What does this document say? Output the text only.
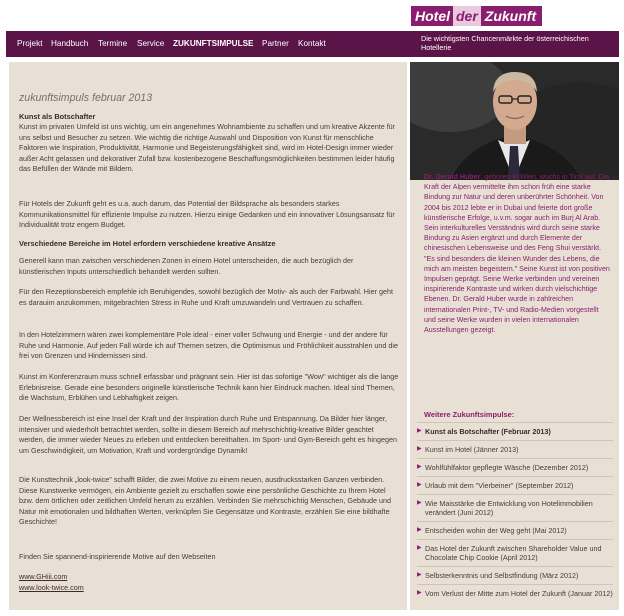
Hotel der Zukunft
Projekt Handbuch Termine Service ZUKUNFTSIMPULSE Partner Kontakt
Die wichtigsten Chancenmärkte der österreichischen Hotellerie
zukunftsimpuls februar 2013
Kunst als Botschafter
Kunst im privaten Umfeld ist uns wichtig, um ein angenehmes Wohnambiente zu schaffen und um kreative Akzente für uns selbst und Besucher zu setzen. Wie wichtig die richtige Auswahl und Disposition von Kunst für menschliche Faktoren wie Inspiration, Produktivität, Harmonie und Begeisterungsfähigkeit sind, wird im Hotel-Design immer wieder außer Acht gelassen und dekorativer Zufall bzw. kostenbezogene Beschaffungsmöglichkeiten bestimmen leider häufig das Befüllen der Wände mit Bildern.
Für Hotels der Zukunft geht es u.a. auch darum, das Potential der Bildsprache als besonders starkes Kommunikationsmittel für effiziente Impulse zu nutzen. Hierzu einige Gedanken und ein innovativer Lösungsansatz für Individualität trotz engem Budget.
Verschiedene Bereiche im Hotel erfordern verschiedene kreative Ansätze
Generell kann man zwischen verschiedenen Zonen in einem Hotel unterscheiden, die auch bezüglich der künstlerischen Inputs unterschiedlich behandelt werden sollten.
Für den Rezeptionsbereich empfehle ich Beruhigendes, sowohl bezüglich der Motiv- als auch der Farbwahl. Hier geht es darauim anzukommen, mitgebrachten Stress in Ruhe und Kraft umzuwandeln und Vertrauen zu schaffen.
In den Hotelzimmern wären zwei komplementäre Pole ideal - einer voller Schwung und Energie - und der andere für Ruhe und Harmonie. Auf jeden Fall würde ich auf Themen setzen, die Optimismus und Fröhlichkeit ausstrahlen und die frei von Grenzen und Hindernissen sind.
Kunst im Konferenzraum muss schnell erfassbar und prägnant sein. Hier ist das sofortige "Wow" wichtiger als die lange Erlebnisreise. Gerade eine besonders originelle künstlerische Technik kann hier Eindruck machen. Ideal sind Themen, die Wachstum, Erblühen und Lebhaftigkeit zeigen.
Der Wellnessbereich ist eine Insel der Kraft und der Inspiration durch Ruhe und Entspannung. Da Bilder hier länger, intensiver und wiederholt betrachtet werden, sollte in diesem Bereich auf mehrschichtig-kreative Bilder geachtet werden, die immer wieder Neues zu erleben und entdecken bereithalten. Im Sport- und Gym-Bereich geht es hingegen um Geschwindigkeit, um Motivation, Kraft und vordergründige Dynamik!
Die Kunsttechnik „look-twice" schafft Bilder, die zwei Motive zu einem neuen, ausdrucksstarken Ganzen verbinden. Diese Kunstwerke vermögen, ein Ambiente gezielt zu erschaffen sowie eine persönliche Geschichte zu Ihrem Hotel bzw. dem örtlichen oder zeitlichen Umfeld herum zu erzählen. Verbinden Sie mehrschichtig Menschen, Gebäude und Natur mit emotionalen und bildhaften Werten, verknüpfen Sie Gegensätze und Kontraste, erzählen Sie eine bildhafte Geschichte!
Finden Sie spannend-inspirierende Motive auf den Webseiten
www.GHiii.com
www.look-twice.com
Dr. Gerald Huber, geboren in Wien, wuchs in Tirol auf. Die Kraft der Alpen vermittelte ihm schon früh eine starke Bindung zur Natur und deren unberührter Schönheit. Von 2004 bis 2012 lebte er in Dubai und feierte dort große künstlerische Erfolge, u.v.m. sogar auch im Burj Al Arab. Sein interkulturelles Verständnis wird durch seine starke Bindung zu Asien ergänzt und durch Elemente der chinesischen Lebensweise und des Feng Shui verstärkt. "Es sind besonders die kleinen Wunder des Lebens, die mich am meisten begeistern." Seine Kunst ist von positiven Impulsen geprägt. Seine Werke verbinden und vereinen inspirierende Kontraste und wirken durch vielschichtige Ebenen. Dr. Gerald Huber wurde in zahlreichen internationalen Print-, TV- und Radio-Medien vorgestellt und seine Werke wurden in vielen internationalen Ausstellungen gezeigt.
Weitere Zukunftsimpulse:
▶ Kunst als Botschafter (Februar 2013)
▶ Kunst im Hotel (Jänner 2013)
▶ Wohlfühlfaktor gepflegte Wäsche (Dezember 2012)
▶ Urlaub mit dem "Vierbeiner" (September 2012)
▶ Wie Maisstärke die Entwicklung von Hotelimmobilien verändert (Juni 2012)
▶ Entscheiden wohin der Weg geht (Mai 2012)
▶ Das Hotel der Zukunft zwischen Shareholder Value und Chocolate Chip Cookie (April 2012)
▶ Selbsterkenntnis und Selbstfindung (März 2012)
▶ Vom Verlust der Mitte zum Hotel der Zukunft (Januar 2012)
